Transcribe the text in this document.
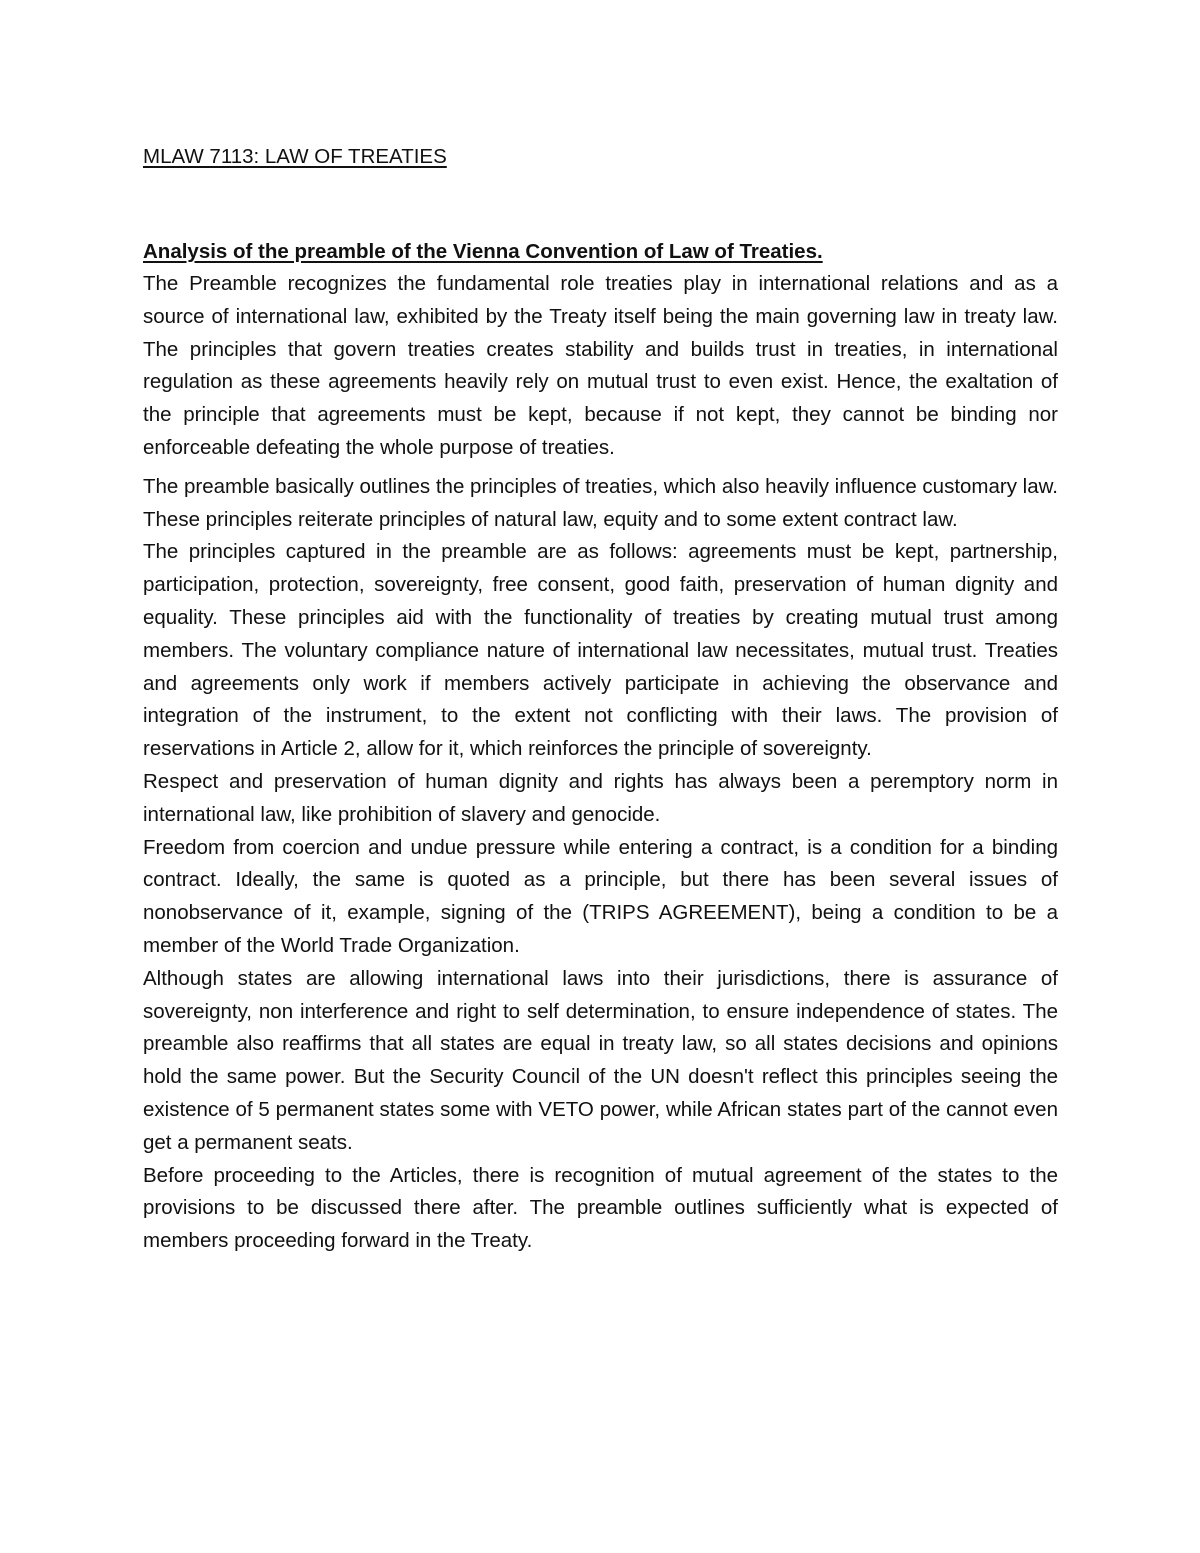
MLAW 7113: LAW OF TREATIES
Analysis of the preamble of the Vienna Convention of Law of Treaties.

The Preamble recognizes the fundamental role treaties play in international relations and as a source of international law, exhibited by the Treaty itself being the main governing law in treaty law. The principles that govern treaties creates stability and builds trust in treaties, in international regulation as these agreements heavily rely on mutual trust to even exist. Hence, the exaltation of the principle that agreements must be kept, because if not kept, they cannot be binding nor enforceable defeating the whole purpose of treaties.

The preamble basically outlines the principles of treaties, which also heavily influence customary law. These principles reiterate principles of natural law, equity and to some extent contract law.

The principles captured in the preamble are as follows: agreements must be kept, partnership, participation, protection, sovereignty, free consent, good faith, preservation of human dignity and equality. These principles aid with the functionality of treaties by creating mutual trust among members. The voluntary compliance nature of international law necessitates, mutual trust. Treaties and agreements only work if members actively participate in achieving the observance and integration of the instrument, to the extent not conflicting with their laws. The provision of reservations in Article 2, allow for it, which reinforces the principle of sovereignty.

Respect and preservation of human dignity and rights has always been a peremptory norm in international law, like prohibition of slavery and genocide.

Freedom from coercion and undue pressure while entering a contract, is a condition for a binding contract. Ideally, the same is quoted as a principle, but there has been several issues of nonobservance of it, example, signing of the (TRIPS AGREEMENT), being a condition to be a member of the World Trade Organization.

Although states are allowing international laws into their jurisdictions, there is assurance of sovereignty, non interference and right to self determination, to ensure independence of states. The preamble also reaffirms that all states are equal in treaty law, so all states decisions and opinions hold the same power. But the Security Council of the UN doesn't reflect this principles seeing the existence of 5 permanent states some with VETO power, while African states part of the cannot even get a permanent seats.

Before proceeding to the Articles, there is recognition of mutual agreement of the states to the provisions to be discussed there after. The preamble outlines sufficiently what is expected of members proceeding forward in the Treaty.
